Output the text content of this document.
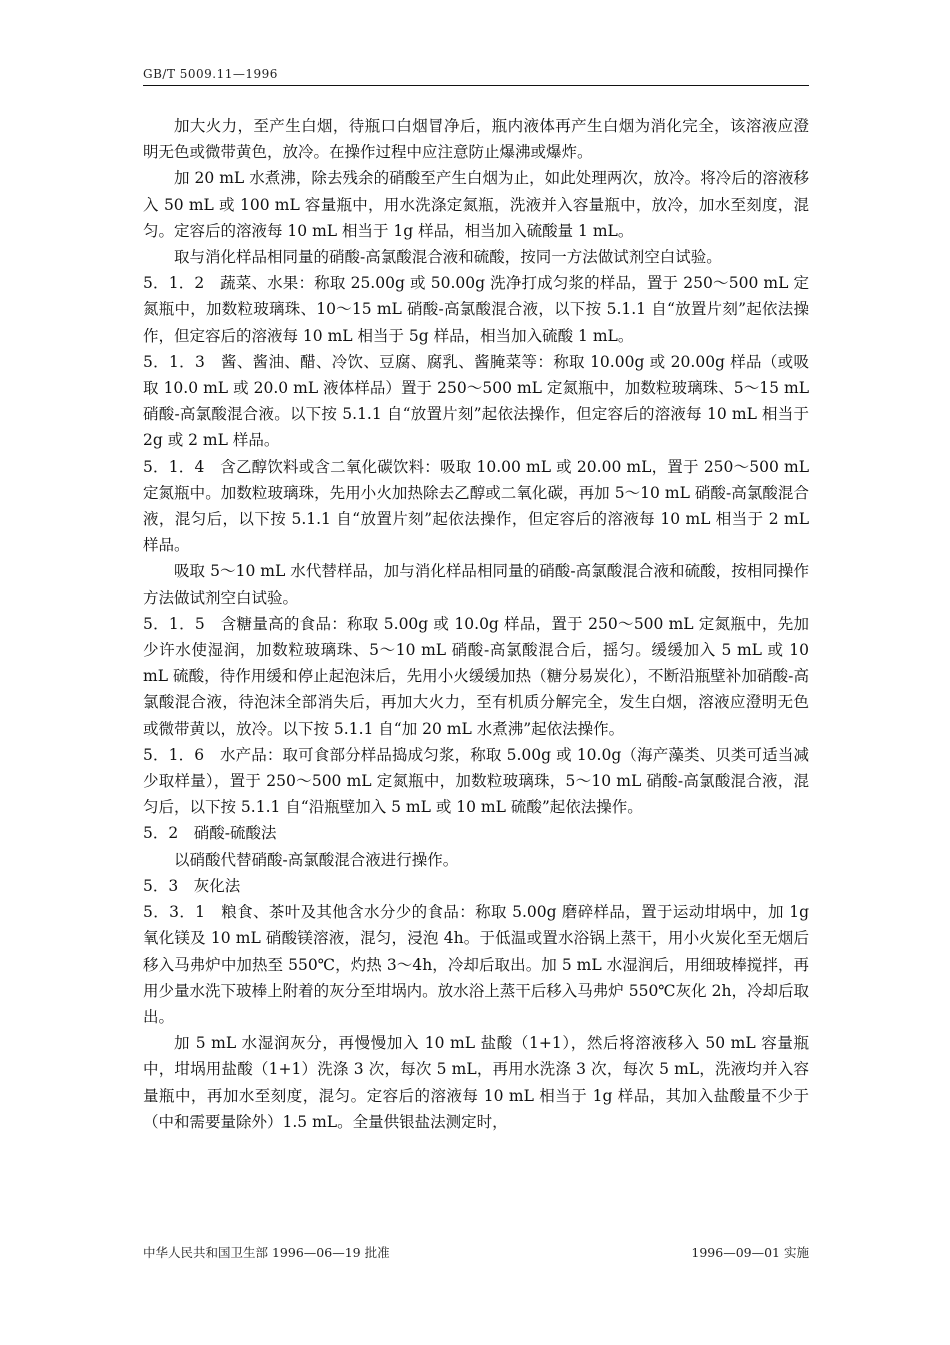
GB/T 5009.11—1996

加大火力，至产生白烟，待瓶口白烟冒净后，瓶内液体再产生白烟为消化完全，该溶液应澄明无色或微带黄色，放冷。在操作过程中应注意防止爆沸或爆炸。

加 20 mL 水煮沸，除去残余的硝酸至产生白烟为止，如此处理两次，放冷。将冷后的溶液移入 50 mL 或 100 mL 容量瓶中，用水洗涤定氮瓶，洗液并入容量瓶中，放冷，加水至刻度，混匀。定容后的溶液每 10 mL 相当于 1g 样品，相当加入硫酸量 1 mL。

取与消化样品相同量的硝酸-高氯酸混合液和硫酸，按同一方法做试剂空白试验。

5．1．2　蔬菜、水果：称取 25.00g 或 50.00g 洗净打成匀浆的样品，置于 250～500 mL 定氮瓶中，加数粒玻璃珠、10～15 mL 硝酸-高氯酸混合液，以下按 5.1.1 自“放置片刻”起依法操作，但定容后的溶液每 10 mL 相当于 5g 样品，相当加入硫酸 1 mL。

5．1．3　酱、酱油、醋、冷饮、豆腐、腐乳、酱腌菜等：称取 10.00g 或 20.00g 样品（或吸取 10.0 mL 或 20.0 mL 液体样品）置于 250～500 mL 定氮瓶中，加数粒玻璃珠、5～15 mL 硝酸-高氯酸混合液。以下按 5.1.1 自“放置片刻”起依法操作，但定容后的溶液每 10 mL 相当于 2g 或 2 mL 样品。

5．1．4　含乙醇饮料或含二氧化碳饮料：吸取 10.00 mL 或 20.00 mL，置于 250～500 mL 定氮瓶中。加数粒玻璃珠，先用小火加热除去乙醇或二氧化碳，再加 5～10 mL 硝酸-高氯酸混合液，混匀后，以下按 5.1.1 自“放置片刻”起依法操作，但定容后的溶液每 10 mL 相当于 2 mL 样品。

吸取 5～10 mL 水代替样品，加与消化样品相同量的硝酸-高氯酸混合液和硫酸，按相同操作方法做试剂空白试验。

5．1．5　含糖量高的食品：称取 5.00g 或 10.0g 样品，置于 250～500 mL 定氮瓶中，先加少许水使湿润，加数粒玻璃珠、5～10 mL 硝酸-高氯酸混合后，摇匀。缓缓加入 5 mL 或 10 mL 硫酸，待作用缓和停止起泡沫后，先用小火缓缓加热（糖分易炭化），不断沿瓶壁补加硝酸-高氯酸混合液，待泡沫全部消失后，再加大火力，至有机质分解完全，发生白烟，溶液应澄明无色或微带黄以，放冷。以下按 5.1.1 自“加 20 mL 水煮沸”起依法操作。

5．1．6　水产品：取可食部分样品捣成匀浆，称取 5.00g 或 10.0g（海产藻类、贝类可适当减少取样量），置于 250～500 mL 定氮瓶中，加数粒玻璃珠，5～10 mL 硝酸-高氯酸混合液，混匀后，以下按 5.1.1 自“沿瓶壁加入 5 mL 或 10 mL 硫酸”起依法操作。

5．2　硝酸-硫酸法

以硝酸代替硝酸-高氯酸混合液进行操作。

5．3　灰化法

5．3．1　粮食、茶叶及其他含水分少的食品：称取 5.00g 磨碎样品，置于运动坩埚中，加 1g 氧化镁及 10 mL 硝酸镁溶液，混匀，浸泡 4h。于低温或置水浴锅上蒸干，用小火炭化至无烟后移入马弗炉中加热至 550℃，灼热 3～4h，冷却后取出。加 5 mL 水湿润后，用细玻棒搅拌，再用少量水洗下玻棒上附着的灰分至坩埚内。放水浴上蒸干后移入马弗炉 550℃灰化 2h，冷却后取出。

加 5 mL 水湿润灰分，再慢慢加入 10 mL 盐酸（1+1），然后将溶液移入 50 mL 容量瓶中，坩埚用盐酸（1+1）洗涤 3 次，每次 5 mL，再用水洗涤 3 次，每次 5 mL，洗液均并入容量瓶中，再加水至刻度，混匀。定容后的溶液每 10 mL 相当于 1g 样品，其加入盐酸量不少于（中和需要量除外）1.5 mL。全量供银盐法测定时，

中华人民共和国卫生部 1996—06—19 批准	1996—09—01 实施
